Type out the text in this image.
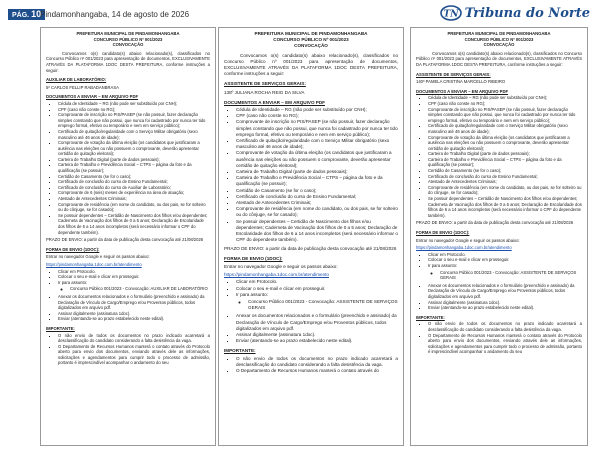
PÁG. 10
Pindamonhangaba, 14 de agosto de 2026	TN Tribuna do Norte
PREFEITURA MUNICIPAL DE PINDAMONHANGABA
CONCURSO PÚBLICO Nº 001/2023
CONVOCAÇÃO
Convocamos o(s) candidato(s) abaixo relacionado(s), classificados no Concurso Público nº 001/2023 para apresentação de documentos, EXCLUSIVAMENTE ATRAVÉS DA PLATAFORMA 1DOC DESTA PREFEITURA, conforme instruções a seguir:
AUXILIAR DE LABORATÓRIO:
5º CARLOS FELLIP RABADANBRASA
DOCUMENTOS A ENVIAR – EM ARQUIVO PDF
▪ Cédula de Identidade – RG (não pode ser substituído por CNH);
▪ CPF (caso não conste no RG);
▪ Comprovante de inscrição no PIS/PASEP (se não possuir, fazer declaração simples constando que não possui, que nunca foi cadastrado por nunca ter tido emprego formal, efetivo ou temporário e nem em serviço público);
▪ Certificado de quitação/regularidade com o Serviço Militar obrigatório (sexo masculino até 46 anos de idade);
▪ Comprovante de votação da última eleição (os candidatos que justificaram a ausência nas eleições ou não possuem o comprovante, deverão apresentar certidão de quitação eleitoral);
▪ Carteira de Trabalho Digital (parte de dados pessoais);
▪ Carteira de Trabalho e Previdência Social – CTPS – página da foto e da qualificação (se possuir);
▪ Certidão de Casamento (se for o caso);
▪ Certificado de conclusão do curso de Ensino Fundamental;
▪ Certificado de conclusão do curso de Auxiliar de Laboratório;
▪ Comprovante de 6 (seis) meses de experiência na área de atuação;
▪ Atestado de Antecedentes Criminais;
▪ Comprovante de residência (em nome do candidato, ou dos pais, se for solteiro ou do cônjuge, se for casado);
▪ Se possuir dependentes – Certidão de Nascimento dos filhos e/ou dependentes; Caderneta de Vacinação dos filhos de 0 a 5 anos; Declaração de Escolaridade dos filhos de 6 a 14 anos incompletos (será necessário informar o CPF do dependente também).
PRAZO DE ENVIO: a partir da data de publicação desta convocação até 21/08/2026
FORMA DE ENVIO (1DOC):
Entrar no navegador Google e seguir os passos abaixo:
https://pindamonhangaba.1doc.com.br/atendimento
▪ Clicar em Protocolo.
▪ Colocar o seu e-mail e clicar em prosseguir.
▪ Ir para assunto:
◦ Concurso Público 001/2023 - Convocação: AUXILIAR DE LABORATÓRIO
▪ Anexar os documentos relacionados e o formulário (preenchido e assinado) da Declaração de Vínculo de Cargo/Emprego e/ou Proventos públicos, todos digitalizados em arquivo pdf.
▪ Assinar digitalmente (assinatura 1doc).
▪ Enviar (atentando-se ao prazo estabelecido neste edital).
IMPORTANTE:
▪ O não envio de todos os documentos no prazo indicado acarretará a desclassificação do candidato considerando a falta desistência da vaga.
▪ O Departamento de Recursos Humanos manterá o contato através do Protocolo aberto para envio dos documentos, enviando através dele as informações, solicitações e agendamentos para cumprir todo o processo de admissão, portanto é imprescindível acompanhar o andamento do seu
PREFEITURA MUNICIPAL DE PINDAMONHANGABA
CONCURSO PÚBLICO Nº 001/2023
CONVOCAÇÃO
Convocamos o(s) candidato(s) abaixo relacionado(s), classificados no Concurso Público nº 001/2023 para apresentação de documentos, EXCLUSIVAMENTE ATRAVÉS DA PLATAFORMA 1DOC DESTA PREFEITURA, conforme instruções a seguir:
ASSISTENTE DE SERVIÇOS GERAIS:
138º JULIANA ROCHA REIG DA SILVA
DOCUMENTOS A ENVIAR – EM ARQUIVO PDF
▪ Cédula de Identidade – RG (não pode ser substituído por CNH);
▪ CPF (caso não conste no RG);
▪ Comprovante de inscrição no PIS/PASEP (se não possuir, fazer declaração simples constando que não possui, que nunca foi cadastrado por nunca ter tido emprego formal, efetivo ou temporário e nem em serviço público);
▪ Certificado de quitação/regularidade com o Serviço Militar obrigatório (sexo masculino até 46 anos de idade);
▪ Comprovante de votação da última eleição (os candidatos que justificaram a ausência nas eleições ou não possuem o comprovante, deverão apresentar certidão de quitação eleitoral);
▪ Carteira de Trabalho Digital (parte de dados pessoais);
▪ Carteira de Trabalho e Previdência Social – CTPS – página da foto e da qualificação (se possuir);
▪ Certidão de Casamento (se for o caso);
▪ Certificado de conclusão do curso de Ensino Fundamental;
▪ Atestado de Antecedentes Criminais;
▪ Comprovante de residência (em nome do candidato, ou dos pais, se for solteiro ou do cônjuge, se for casado);
▪ Se possuir dependentes – Certidão de Nascimento dos filhos e/ou dependentes; Caderneta de Vacinação dos filhos de 0 a 5 anos; Declaração de Escolaridade dos filhos de 6 a 14 anos incompletos (será necessário informar o CPF do dependente também).
PRAZO DE ENVIO: a partir da data de publicação desta convocação até 21/08/2026
FORMA DE ENVIO (1DOC):
Entrar no navegador Google e seguir os passos abaixo:
https://pindamonhangaba.1doc.com.br/atendimento
▪ Clicar em Protocolo.
▪ Colocar o seu e-mail e clicar em prosseguir.
▪ Ir para assunto:
◦ Concurso Público 001/2023 - Convocação: ASSISTENTE DE SERVIÇOS GERAIS
▪ Anexar os documentos relacionados e o formulário (preenchido e assinado) da Declaração de Vínculo de Cargo/Emprego e/ou Proventos públicos, todos digitalizados em arquivo pdf.
▪ Assinar digitalmente (assinatura 1doc).
▪ Enviar (atentando-se ao prazo estabelecido neste edital).
IMPORTANTE:
▪ O não envio de todos os documentos no prazo indicado acarretará a desclassificação do candidato considerando a falta desistência da vaga.
▪ O Departamento de Recursos Humanos manterá o contato através do
PREFEITURA MUNICIPAL DE PINDAMONHANGABA
CONCURSO PÚBLICO Nº 001/2023
CONVOCAÇÃO
Convocamos o(s) candidato(s) abaixo relacionado(s), classificados no Concurso Público nº 001/2023 para apresentação de documentos, EXCLUSIVAMENTE ATRAVÉS DA PLATAFORMA 1DOC DESTA PREFEITURA, conforme instruções a seguir:
ASSISTENTE DE SERVIÇOS GERAIS:
140º PAMELA CRISTINA MARCELLO RIBEIRO
DOCUMENTOS A ENVIAR – EM ARQUIVO PDF
▪ Cédula de Identidade – RG (não pode ser substituído por CNH);
▪ CPF (caso não conste no RG);
▪ Comprovante de inscrição no PIS/PASEP (se não possuir, fazer declaração simples constando que não possui, que nunca foi cadastrado por nunca ter tido emprego formal, efetivo ou temporário e nem em serviço público);
▪ Certificado de quitação/regularidade com o Serviço Militar obrigatório (sexo masculino até 46 anos de idade);
▪ Comprovante de votação da última eleição (os candidatos que justificaram a ausência nas eleições ou não possuem o comprovante, deverão apresentar certidão de quitação eleitoral);
▪ Carteira de Trabalho Digital (parte de dados pessoais);
▪ Carteira de Trabalho e Previdência Social – CTPS – página da foto e da qualificação (se possuir);
▪ Certidão de Casamento (se for o caso);
▪ Certificado de conclusão do curso de Ensino Fundamental;
▪ Atestado de Antecedentes Criminais;
▪ Comprovante de residência (em nome do candidato, ou dos pais, se for solteiro ou do cônjuge, se for casado);
▪ Se possuir dependentes – Certidão de Nascimento dos filhos e/ou dependentes; Caderneta de Vacinação dos filhos de 0 a 5 anos; Declaração de Escolaridade dos filhos de 6 a 14 anos incompletos (será necessário informar o CPF do dependente também).
PRAZO DE ENVIO: a partir da data de publicação desta convocação até 21/08/2026
FORMA DE ENVIO (1DOC):
Entrar no navegador Google e seguir os passos abaixo:
https://pindamonhangaba.1doc.com.br/atendimento
▪ Clicar em Protocolo.
▪ Colocar o seu e-mail e clicar em prosseguir.
▪ Ir para assunto:
◦ Concurso Público 001/2023 - Convocação: ASSISTENTE DE SERVIÇOS GERAIS
▪ Anexar os documentos relacionados e o formulário (preenchido e assinado) da Declaração de Vínculo de Cargo/Emprego e/ou Proventos públicos, todos digitalizados em arquivo pdf.
▪ Assinar digitalmente (assinatura 1doc).
▪ Enviar (atentando-se ao prazo estabelecido neste edital).
IMPORTANTE:
▪ O não envio de todos os documentos no prazo indicado acarretará a desclassificação do candidato considerando a falta desistência da vaga.
▪ O Departamento de Recursos Humanos manterá o contato através do Protocolo aberto para envio dos documentos, enviando através dele as informações, solicitações e agendamentos para cumprir todo o processo de admissão, portanto é imprescindível acompanhar o andamento do seu
